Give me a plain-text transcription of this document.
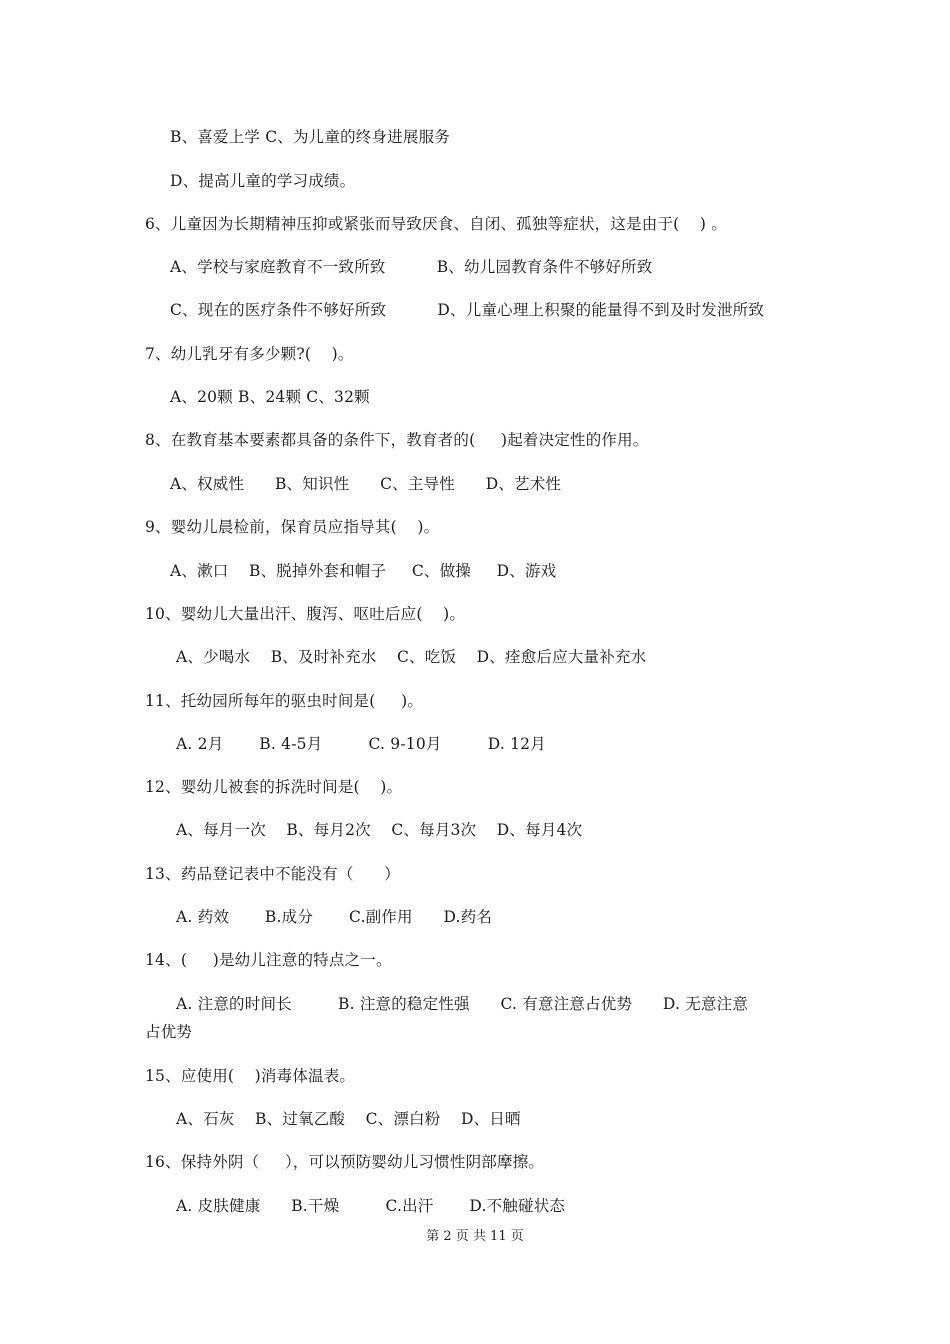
B、喜爱上学 C、为儿童的终身进展服务
D、提高儿童的学习成绩。
6、儿童因为长期精神压抑或紧张而导致厌食、自闭、孤独等症状，这是由于(    ) 。
A、学校与家庭教育不一致所致          B、幼儿园教育条件不够好所致
C、现在的医疗条件不够好所致          D、儿童心理上积聚的能量得不到及时发泄所致
7、幼儿乳牙有多少颗?(    )。
A、20颗 B、24颗 C、32颗
8、在教育基本要素都具备的条件下，教育者的(     )起着决定性的作用。
A、权威性      B、知识性      C、主导性      D、艺术性
9、婴幼儿晨检前，保育员应指导其(    )。
A、漱口    B、脱掉外套和帽子     C、做操     D、游戏
10、婴幼儿大量出汗、腹泻、呕吐后应(    )。
A、少喝水    B、及时补充水    C、吃饭    D、痊愈后应大量补充水
11、托幼园所每年的驱虫时间是(     )。
A. 2月       B. 4-5月         C. 9-10月         D. 12月
12、婴幼儿被套的拆洗时间是(    )。
A、每月一次    B、每月2次    C、每月3次    D、每月4次
13、药品登记表中不能没有（      ）
A. 药效       B.成分       C.副作用      D.药名
14、(     )是幼儿注意的特点之一。
A. 注意的时间长         B. 注意的稳定性强      C. 有意注意占优势      D. 无意注意
占优势
15、应使用(    )消毒体温表。
A、石灰    B、过氧乙酸    C、漂白粉    D、日晒
16、保持外阴（     ），可以预防婴幼儿习惯性阴部摩擦。
A. 皮肤健康      B.干燥         C.出汗       D.不触碰状态
第 2 页 共 11 页
